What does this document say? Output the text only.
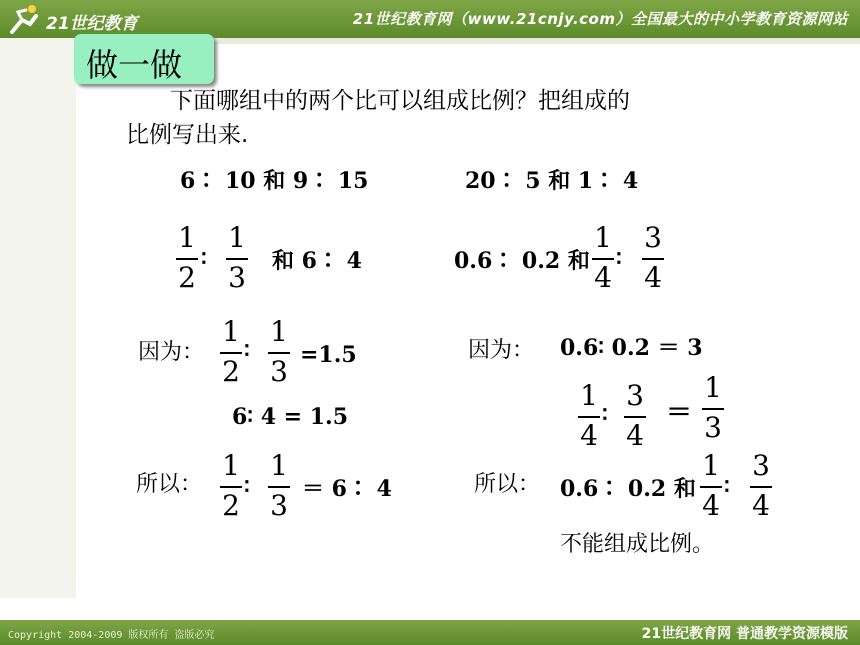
21世纪教育	21世纪教育网（www.21cnjy.com）全国最大的中小学教育资源网站
做一做
下面哪组中的两个比可以组成比例？把组成的
比例写出来.
6∶ 10 和 9∶ 15	20∶ 5 和 1∶ 4
1
2
∶
1
3 和 6∶ 4	0.6∶ 0.2 和
1
4
∶
3
4
因为：
1
2
∶
1
3 =1.5
6∶ 4 = 1.5
所以：
1
2
∶
1
3 ＝ 6∶ 4
因为： 0.6∶ 0.2 ＝ 3
1
4
∶
3
4
＝
1
3
所以： 0.6∶ 0.2 和
1
4
∶
3
4
不能组成比例。
Copyright 2004-2009 版权所有 盗版必究	21世纪教育网 普通教学资源模版
